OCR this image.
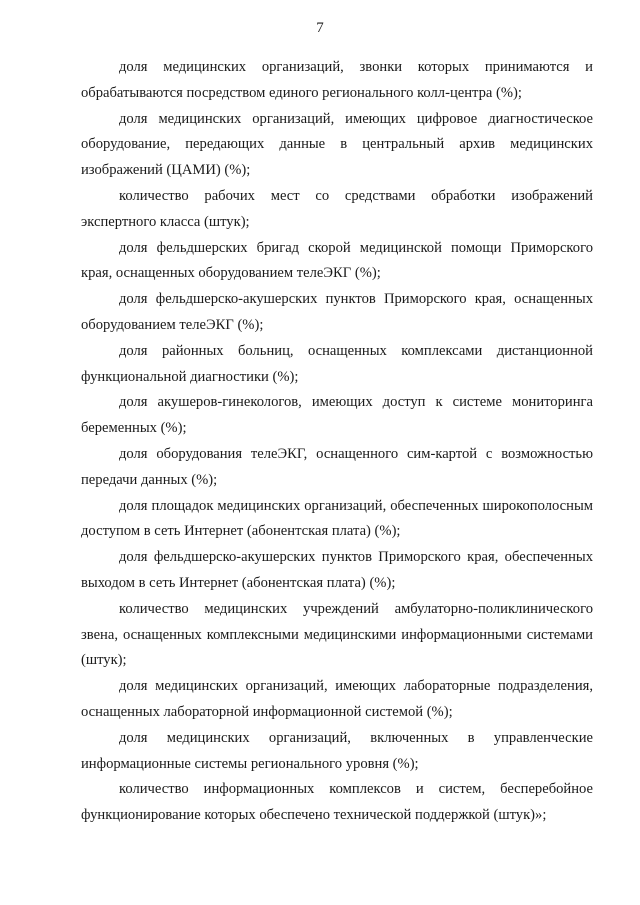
7

доля медицинских организаций, звонки которых принимаются и обрабатываются посредством единого регионального колл-центра (%);

доля медицинских организаций, имеющих цифровое диагностическое оборудование, передающих данные в центральный архив медицинских изображений (ЦАМИ) (%);

количество рабочих мест со средствами обработки изображений экспертного класса (штук);

доля фельдшерских бригад скорой медицинской помощи Приморского края, оснащенных оборудованием телеЭКГ (%);

доля фельдшерско-акушерских пунктов Приморского края, оснащенных оборудованием телеЭКГ (%);

доля районных больниц, оснащенных комплексами дистанционной функциональной диагностики (%);

доля акушеров-гинекологов, имеющих доступ к системе мониторинга беременных (%);

доля оборудования телеЭКГ, оснащенного сим-картой с возможностью передачи данных (%);

доля площадок медицинских организаций, обеспеченных широкополосным доступом в сеть Интернет (абонентская плата) (%);

доля фельдшерско-акушерских пунктов Приморского края, обеспеченных выходом в сеть Интернет (абонентская плата) (%);

количество медицинских учреждений амбулаторно-поликлинического звена, оснащенных комплексными медицинскими информационными системами (штук);

доля медицинских организаций, имеющих лабораторные подразделения, оснащенных лабораторной информационной системой (%);

доля медицинских организаций, включенных в управленческие информационные системы регионального уровня (%);

количество информационных комплексов и систем, бесперебойное функционирование которых обеспечено технической поддержкой (штук)»;
